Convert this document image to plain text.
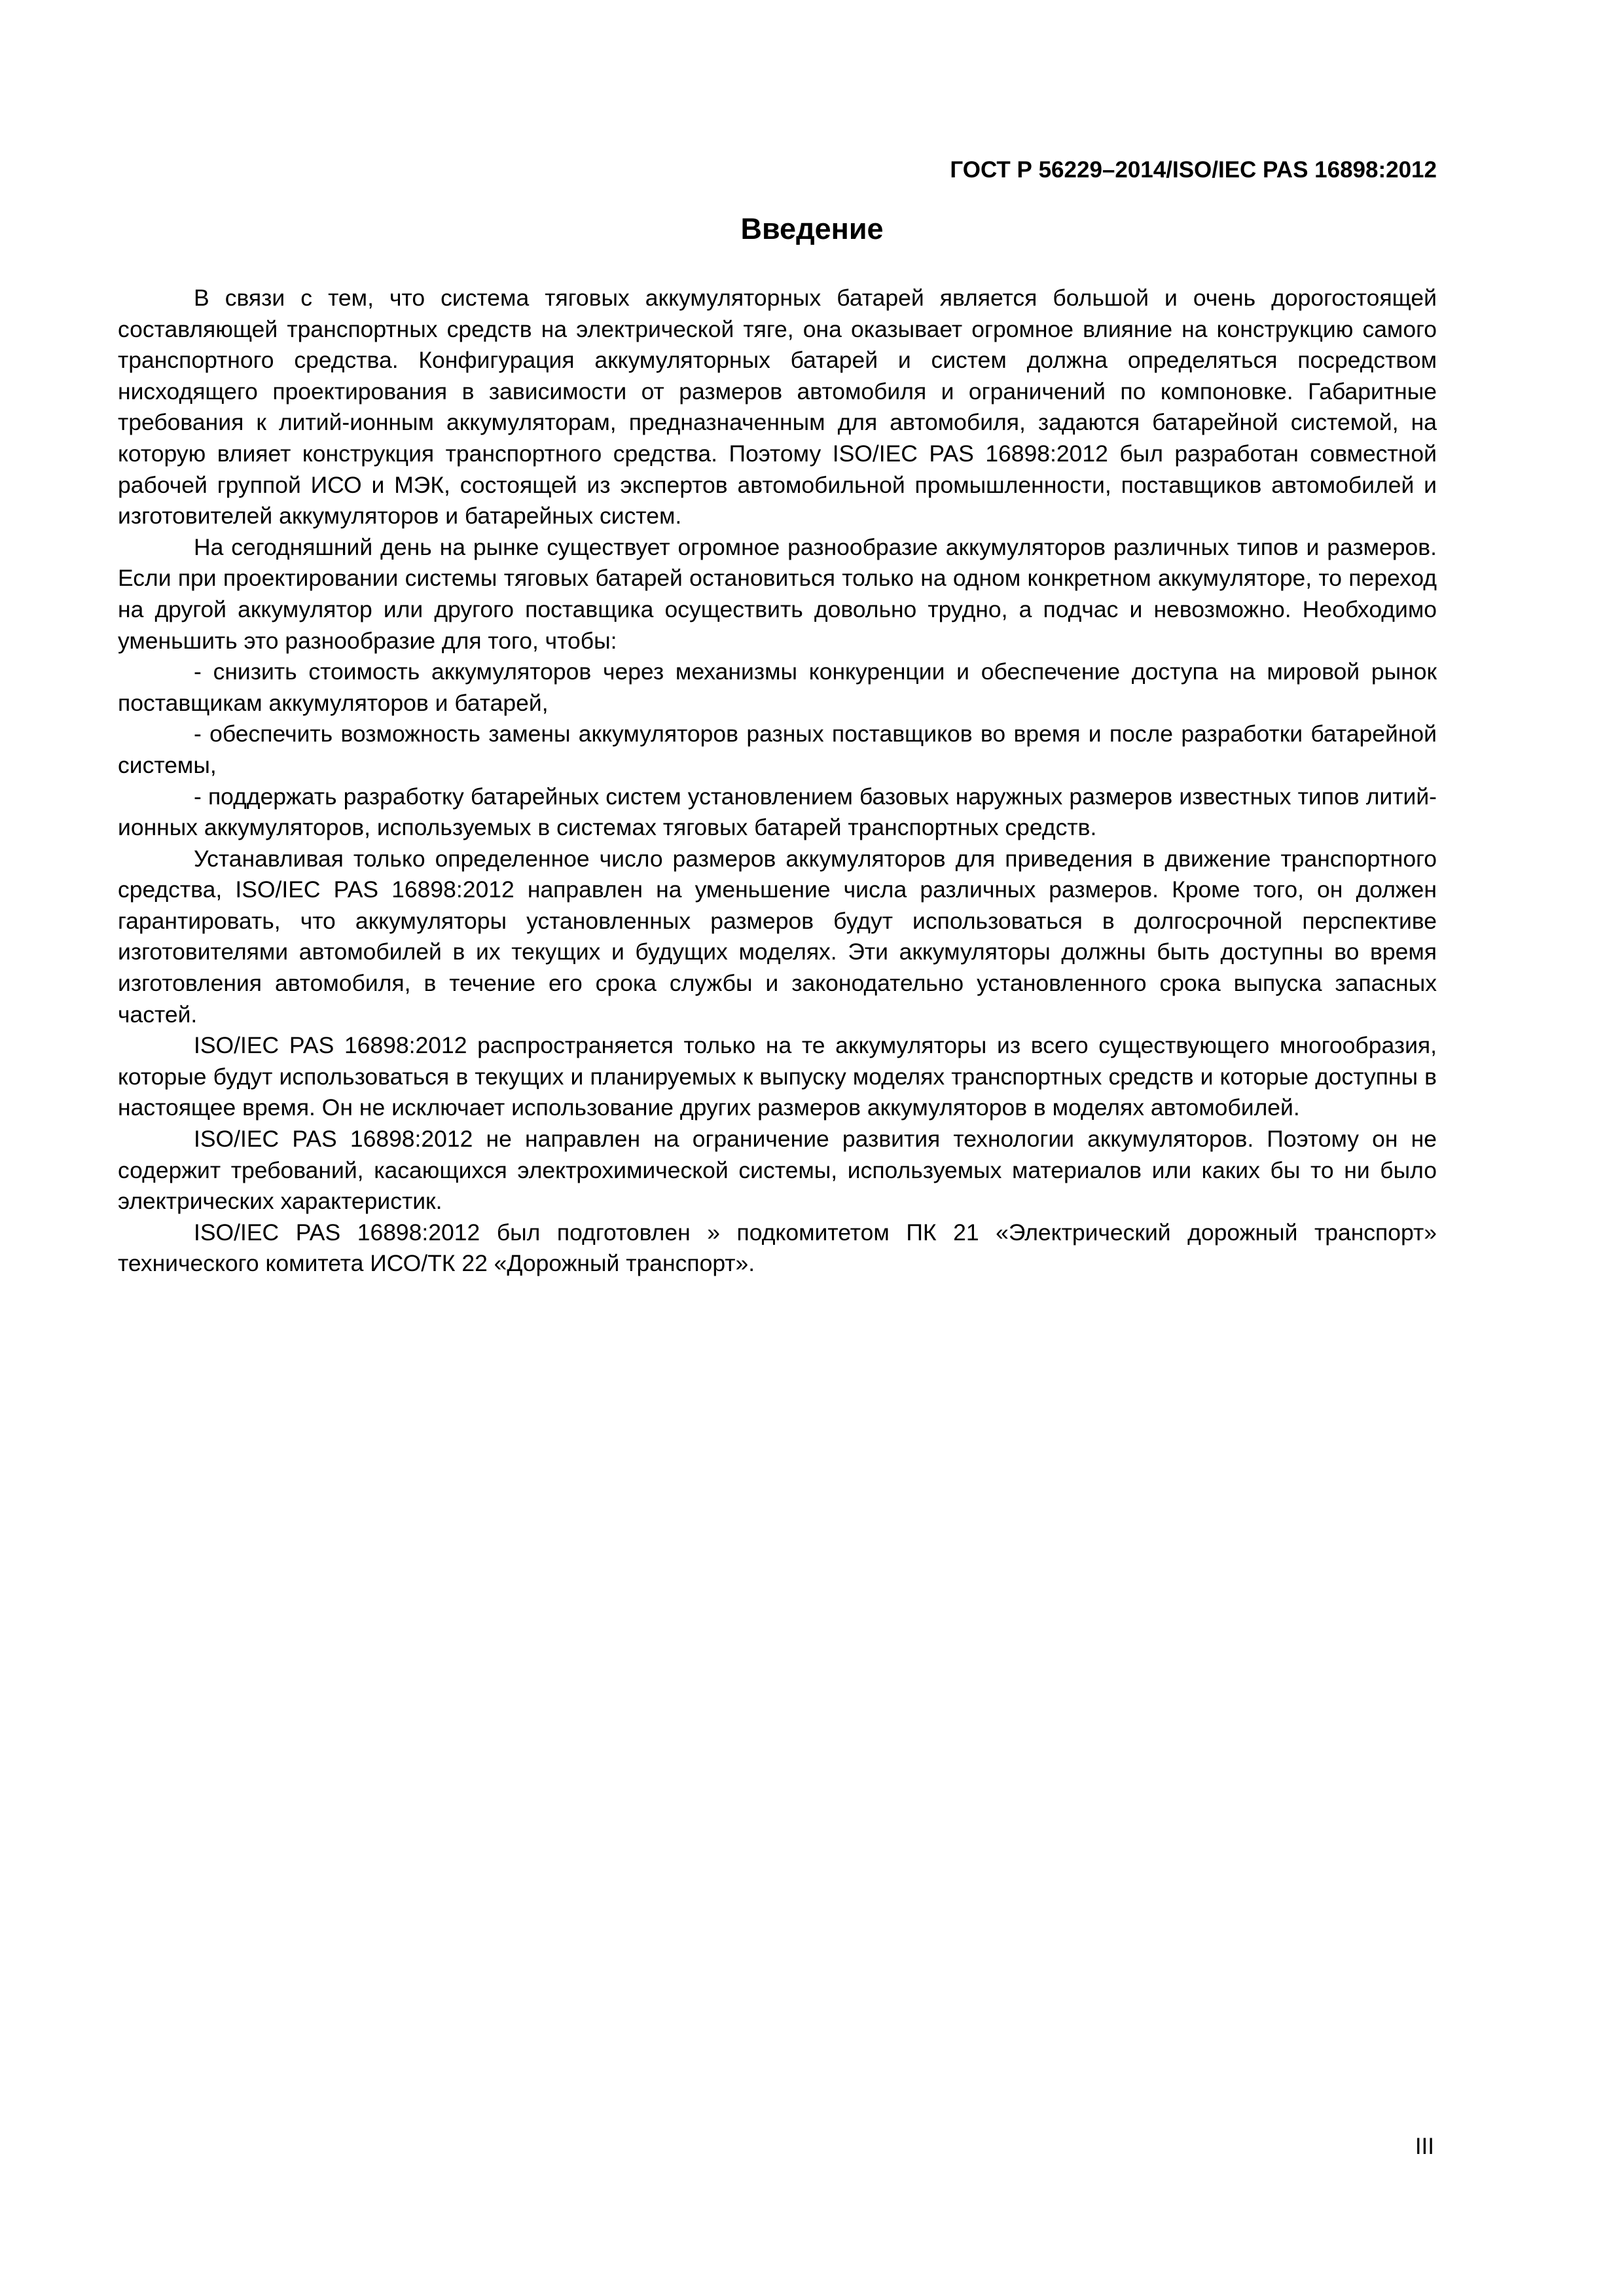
ГОСТ Р 56229–2014/ISO/IEC PAS 16898:2012
Введение

В связи с тем, что система тяговых аккумуляторных батарей является большой и очень дорогостоящей составляющей транспортных средств на электрической тяге, она оказывает огромное влияние на конструкцию самого транспортного средства. Конфигурация аккумуляторных батарей и систем должна определяться посредством нисходящего проектирования в зависимости от размеров автомобиля и ограничений по компоновке. Габаритные требования к литий-ионным аккумуляторам, предназначенным для автомобиля, задаются батарейной системой, на которую влияет конструкция транспортного средства. Поэтому ISO/IEC PAS 16898:2012 был разработан совместной рабочей группой ИСО и МЭК, состоящей из экспертов автомобильной промышленности, поставщиков автомобилей и изготовителей аккумуляторов и батарейных систем.

На сегодняшний день на рынке существует огромное разнообразие аккумуляторов различных типов и размеров. Если при проектировании системы тяговых батарей остановиться только на одном конкретном аккумуляторе, то переход на другой аккумулятор или другого поставщика осуществить довольно трудно, а подчас и невозможно. Необходимо уменьшить это разнообразие для того, чтобы:

- снизить стоимость аккумуляторов через механизмы конкуренции и обеспечение доступа на мировой рынок поставщикам аккумуляторов и батарей,

- обеспечить возможность замены аккумуляторов разных поставщиков во время и после разработки батарейной системы,

- поддержать разработку батарейных систем установлением базовых наружных размеров известных типов литий-ионных аккумуляторов, используемых в системах тяговых батарей транспортных средств.

Устанавливая только определенное число размеров аккумуляторов для приведения в движение транспортного средства, ISO/IEC PAS 16898:2012 направлен на уменьшение числа различных размеров. Кроме того, он должен гарантировать, что аккумуляторы установленных размеров будут использоваться в долгосрочной перспективе изготовителями автомобилей в их текущих и будущих моделях. Эти аккумуляторы должны быть доступны во время изготовления автомобиля, в течение его срока службы и законодательно установленного срока выпуска запасных частей.

ISO/IEC PAS 16898:2012 распространяется только на те аккумуляторы из всего существующего многообразия, которые будут использоваться в текущих и планируемых к выпуску моделях транспортных средств и которые доступны в настоящее время. Он не исключает использование других размеров аккумуляторов в моделях автомобилей.

ISO/IEC PAS 16898:2012 не направлен на ограничение развития технологии аккумуляторов. Поэтому он не содержит требований, касающихся электрохимической системы, используемых материалов или каких бы то ни было электрических характеристик.

ISO/IEC PAS 16898:2012 был подготовлен » подкомитетом ПК 21 «Электрический дорожный транспорт» технического комитета ИСО/ТК 22 «Дорожный транспорт».

III
